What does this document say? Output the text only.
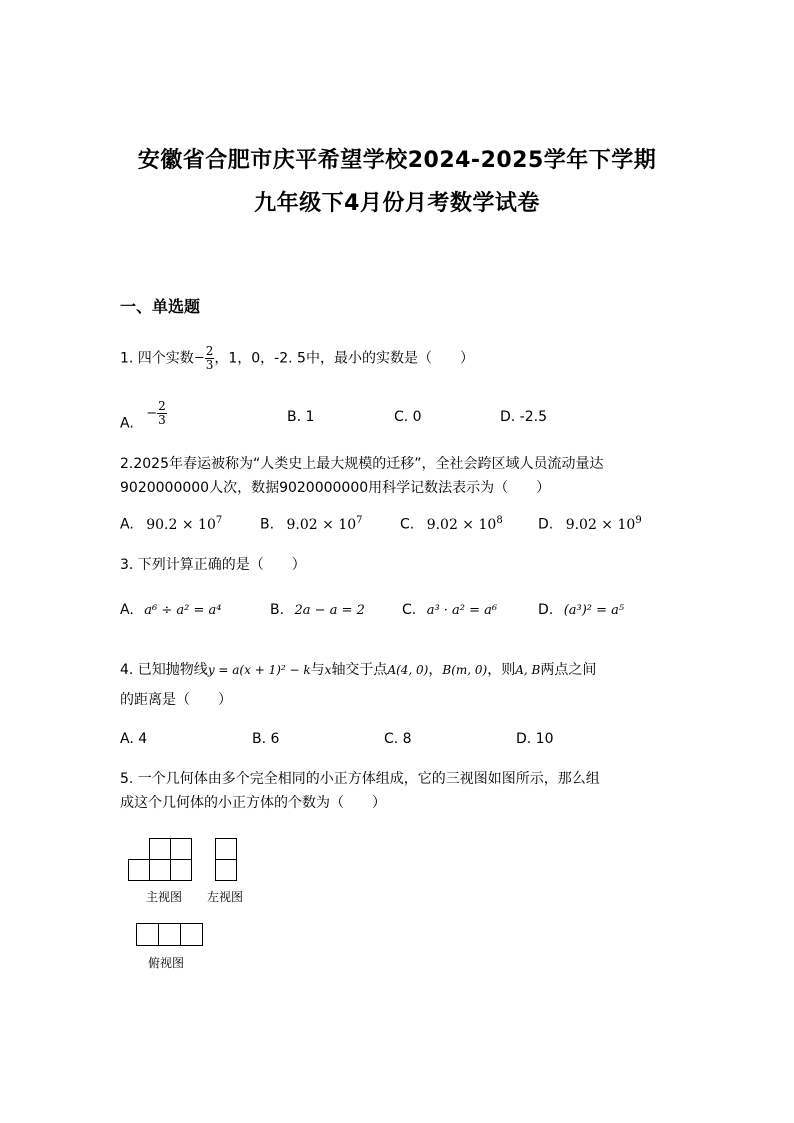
安徽省合肥市庆平希望学校2024-2025学年下学期
九年级下4月份月考数学试卷
一、单选题
1. 四个实数− $\frac{2}{3}$ ，1，0，-2. 5中，最小的实数是（　　）
A. − $\frac{2}{3}$	B. 1	C. 0	D. -2.5
2.2025年春运被称为“人类史上最大规模的迁移”，全社会跨区域人员流动量达
9020000000人次，数据9020000000用科学记数法表示为（　　）
A. $90.2 \times 10^7$	B. $9.02 \times 10^7$	C. $9.02 \times 10^8$	D. $9.02 \times 10^9$
3. 下列计算正确的是（　　）
A. a⁶ ÷ a² = a⁴	B. 2a − a = 2	C. a³ · a² = a⁶	D. (a³)² = a⁵
4. 已知抛物线y = a(x + 1)² − k与x轴交于点A(4, 0)，B(m, 0)，则A, B两点之间
的距离是（　　）
A. 4	B. 6	C. 8	D. 10
5. 一个几何体由多个完全相同的小正方体组成，它的三视图如图所示，那么组
成这个几何体的小正方体的个数为（　　）
主视图 左视图
俯视图
